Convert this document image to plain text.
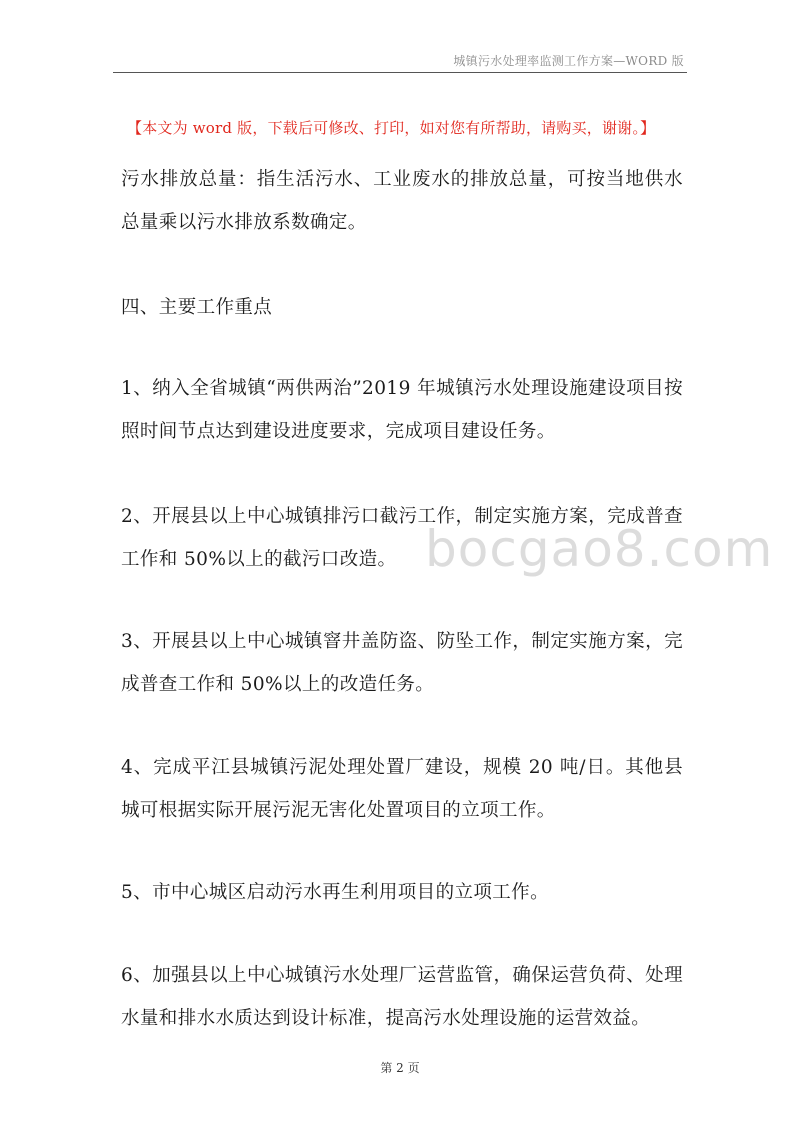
城镇污水处理率监测工作方案—WORD 版
【本文为 word 版，下载后可修改、打印，如对您有所帮助，请购买，谢谢。】
bocgao8.com

污水排放总量：指生活污水、工业废水的排放总量，可按当地供水总量乘以污水排放系数确定。

四、主要工作重点

1、纳入全省城镇“两供两治”2019 年城镇污水处理设施建设项目按照时间节点达到建设进度要求，完成项目建设任务。

2、开展县以上中心城镇排污口截污工作，制定实施方案，完成普查工作和 50%以上的截污口改造。

3、开展县以上中心城镇窨井盖防盗、防坠工作，制定实施方案，完成普查工作和 50%以上的改造任务。

4、完成平江县城镇污泥处理处置厂建设，规模 20 吨/日。其他县城可根据实际开展污泥无害化处置项目的立项工作。

5、市中心城区启动污水再生利用项目的立项工作。

6、加强县以上中心城镇污水处理厂运营监管，确保运营负荷、处理水量和排水水质达到设计标准，提高污水处理设施的运营效益。

第 2 页
